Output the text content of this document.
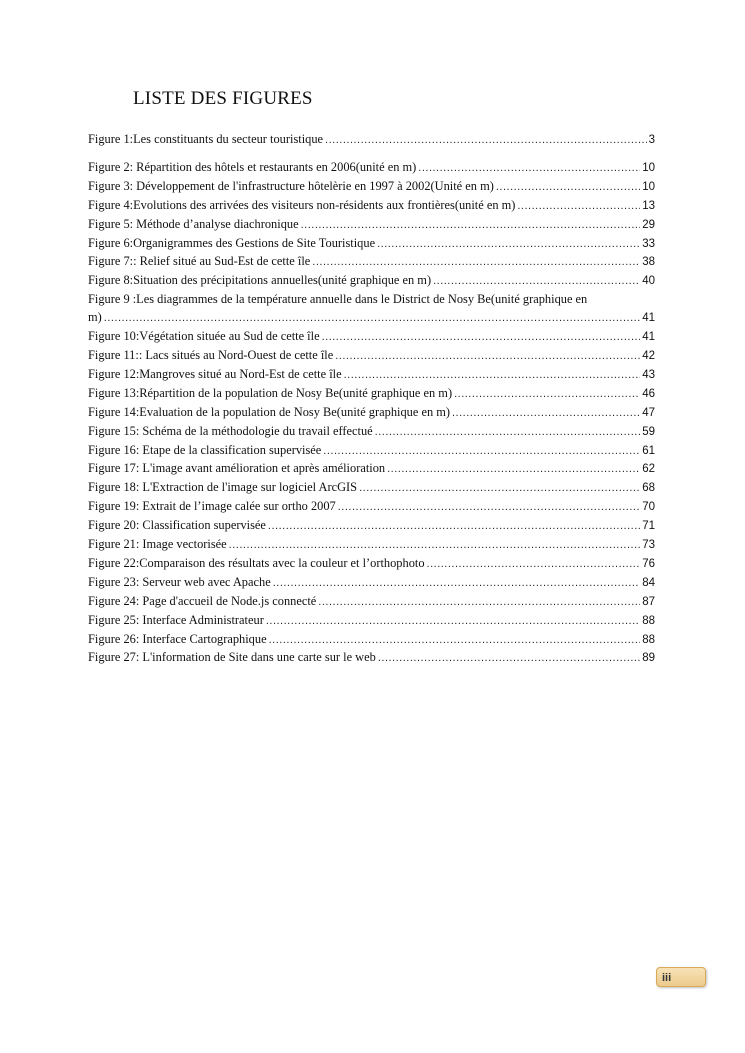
LISTE DES FIGURES
Figure 1:Les constituants du secteur touristique .....	3
Figure 2: Répartition des hôtels et restaurants en 2006(unité en m) .....	10
Figure 3: Développement de l'infrastructure hôtelèrie en 1997 à 2002(Unité en m) .....	10
Figure 4:Evolutions des arrivées des visiteurs non-résidents aux frontières(unité en m) .....	13
Figure 5: Méthode d’analyse diachronique .....	29
Figure 6:Organigrammes des Gestions de Site Touristique .....	33
Figure 7:: Relief situé au Sud-Est de cette île .....	38
Figure 8:Situation des précipitations annuelles(unité graphique en m) .....	40
Figure 9 :Les diagrammes de la température annuelle dans le District de Nosy Be(unité graphique en
m) .....	41
Figure 10:Végétation située au Sud de cette île .....	41
Figure 11:: Lacs situés au Nord-Ouest de cette île .....	42
Figure 12:Mangroves situé au Nord-Est de cette île .....	43
Figure 13:Répartition de la population de Nosy Be(unité graphique en m) .....	46
Figure 14:Evaluation de la population de Nosy Be(unité graphique en m) .....	47
Figure 15: Schéma de la méthodologie du travail effectué .....	59
Figure 16: Etape de la classification supervisée .....	61
Figure 17: L'image avant amélioration et après amélioration .....	62
Figure 18: L'Extraction de l'image sur logiciel ArcGIS .....	68
Figure 19: Extrait de l’image calée sur ortho 2007 .....	70
Figure 20: Classification supervisée .....	71
Figure 21: Image vectorisée .....	73
Figure 22:Comparaison des résultats avec la couleur et l’orthophoto .....	76
Figure 23: Serveur web avec Apache .....	84
Figure 24: Page d'accueil de Node.js connecté .....	87
Figure 25: Interface Administrateur .....	88
Figure 26: Interface Cartographique .....	88
Figure 27: L'information de Site dans une carte sur le web .....	89
iii
